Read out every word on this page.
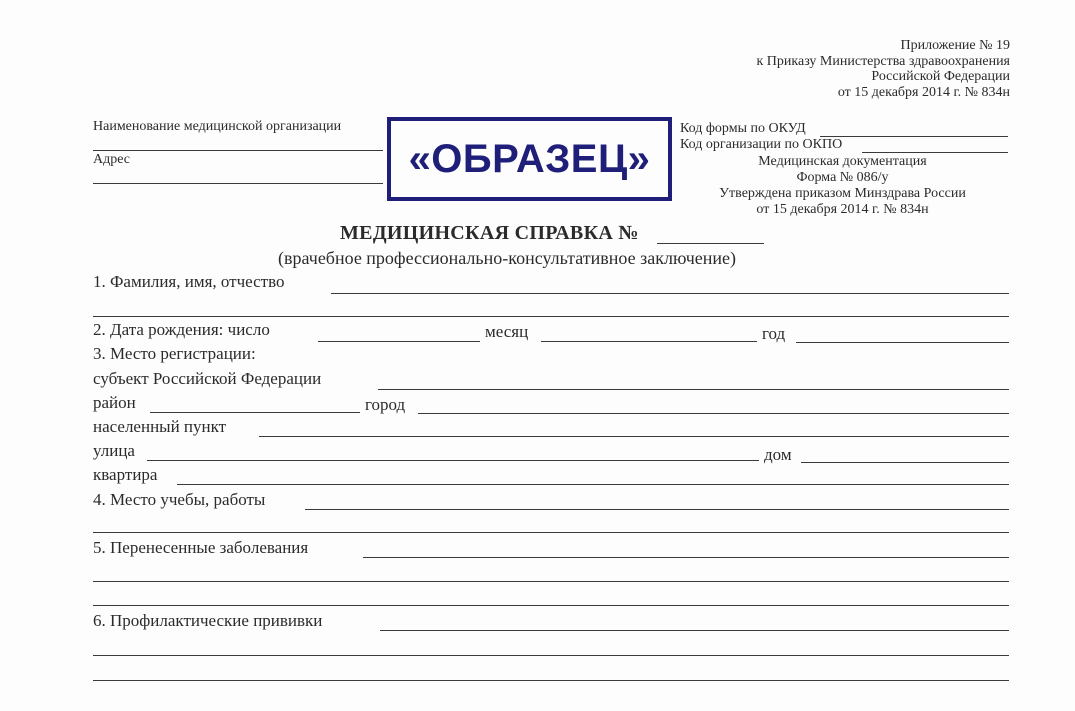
Приложение № 19
к Приказу Министерства здравоохранения
Российской Федерации
от 15 декабря 2014 г. № 834н
Наименование медицинской организации
Адрес	«ОБРАЗЕЦ»
Код формы по ОКУД
Код организации по ОКПО
Медицинская документация
Форма № 086/у
Утверждена приказом Минздрава России
от 15 декабря 2014 г. № 834н
МЕДИЦИНСКАЯ СПРАВКА №
(врачебное профессионально-консультативное заключение)
1. Фамилия, имя, отчество
2. Дата рождения: число	месяц	год
3. Место регистрации:
субъект Российской Федерации
район	город
населенный пункт
улица	дом
квартира
4. Место учебы, работы
5. Перенесенные заболевания
6. Профилактические прививки
